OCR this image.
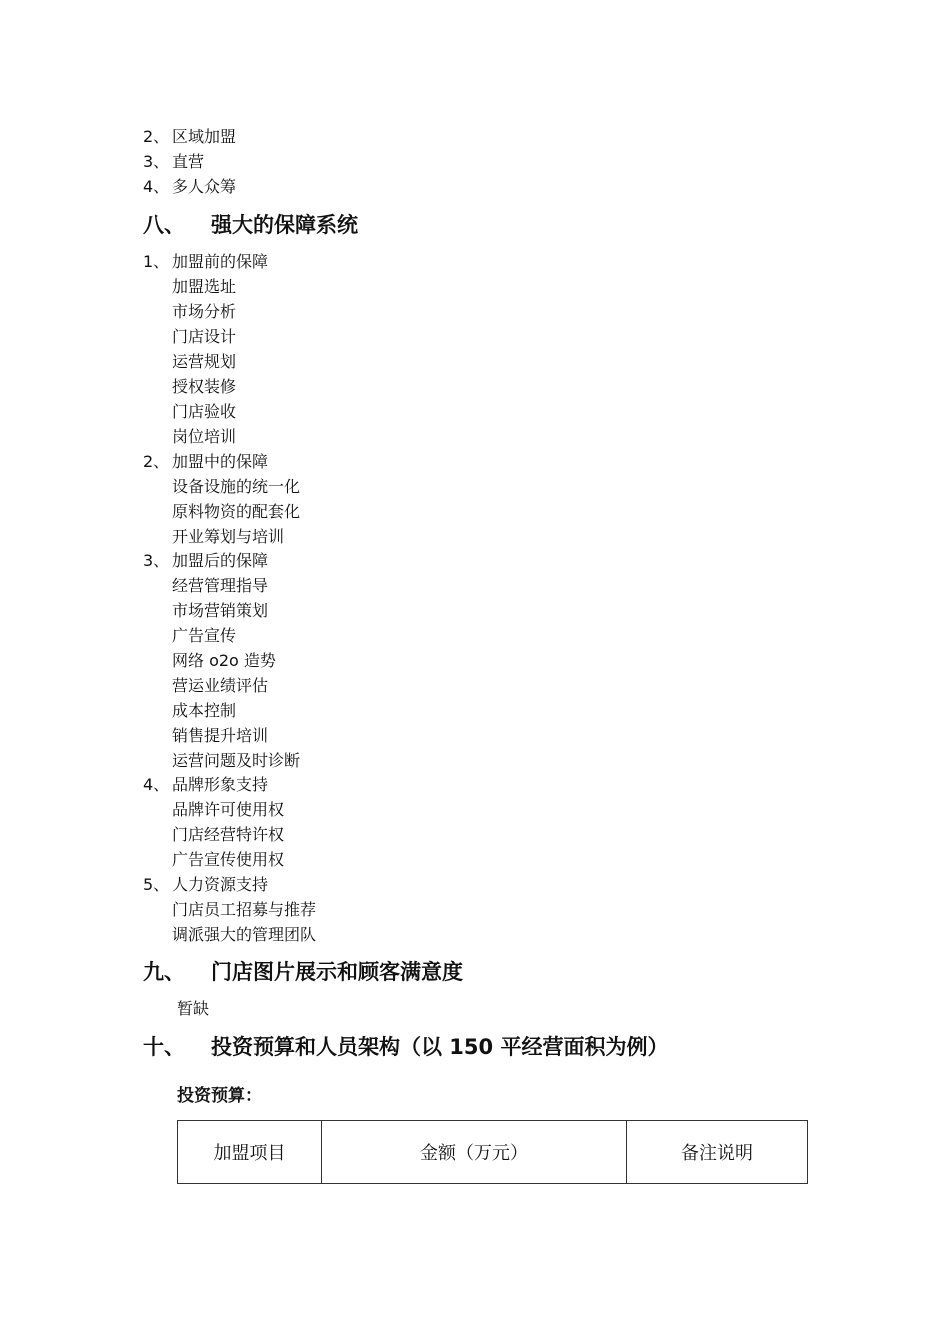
2、 区域加盟
3、 直营
4、 多人众筹
八、 强大的保障系统
1、 加盟前的保障
加盟选址
市场分析
门店设计
运营规划
授权装修
门店验收
岗位培训
2、 加盟中的保障
设备设施的统一化
原料物资的配套化
开业筹划与培训
3、 加盟后的保障
经营管理指导
市场营销策划
广告宣传
网络 o2o 造势
营运业绩评估
成本控制
销售提升培训
运营问题及时诊断
4、 品牌形象支持
品牌许可使用权
门店经营特许权
广告宣传使用权
5、 人力资源支持
门店员工招募与推荐
调派强大的管理团队
九、 门店图片展示和顾客满意度
暂缺
十、 投资预算和人员架构（以 150 平经营面积为例）
投资预算：
加盟项目	金额（万元）	备注说明
